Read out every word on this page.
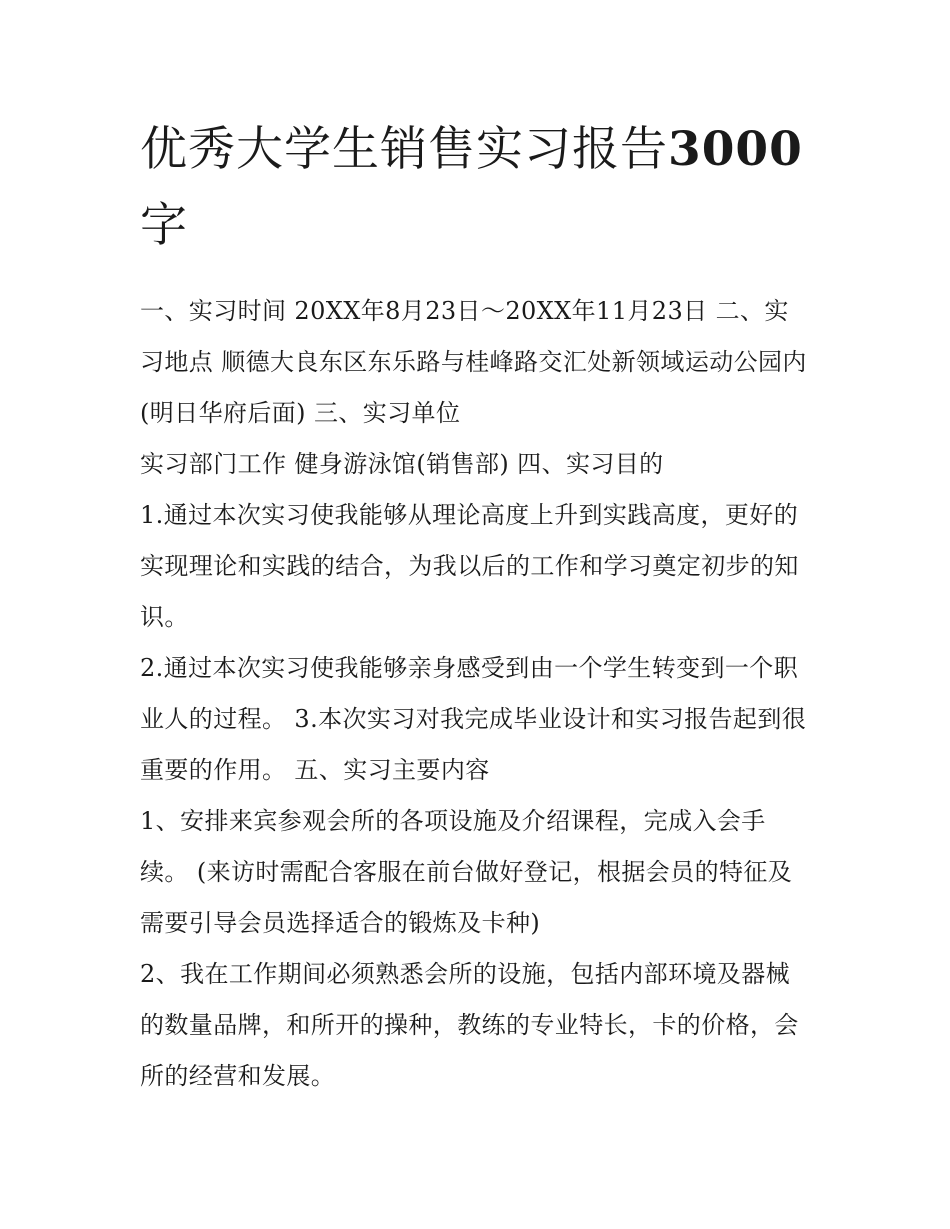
优秀大学生销售实习报告3000
字

一、实习时间 20XX年8月23日～20XX年11月23日 二、实习地点 顺德大良东区东乐路与桂峰路交汇处新领域运动公园内(明日华府后面) 三、实习单位

实习部门工作 健身游泳馆(销售部) 四、实习目的

1.通过本次实习使我能够从理论高度上升到实践高度，更好的实现理论和实践的结合，为我以后的工作和学习奠定初步的知识。

2.通过本次实习使我能够亲身感受到由一个学生转变到一个职业人的过程。 3.本次实习对我完成毕业设计和实习报告起到很重要的作用。 五、实习主要内容

1、安排来宾参观会所的各项设施及介绍课程，完成入会手续。 (来访时需配合客服在前台做好登记，根据会员的特征及需要引导会员选择适合的锻炼及卡种)

2、我在工作期间必须熟悉会所的设施，包括内部环境及器械的数量品牌，和所开的操种，教练的专业特长，卡的价格，会所的经营和发展。
